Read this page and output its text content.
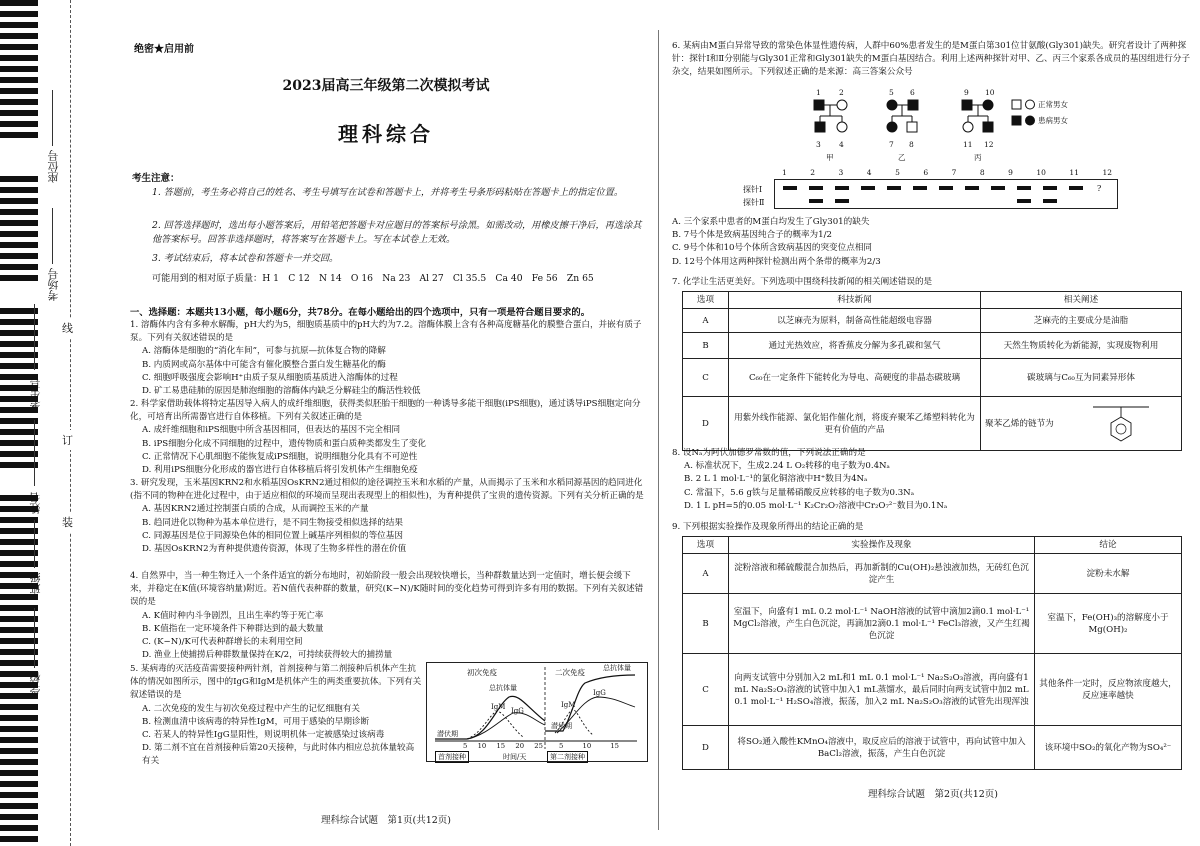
座位号
考场号
考生号
姓名
班级
学校
线
订
装
绝密★启用前
2023届高三年级第二次模拟考试
理科综合
考生注意：
1. 答题前，考生务必将自己的姓名、考生号填写在试卷和答题卡上，并将考生号条形码粘贴在答题卡上的指定位置。
2. 回答选择题时，选出每小题答案后，用铅笔把答题卡对应题目的答案标号涂黑。如需改动，用橡皮擦干净后，再选涂其他答案标号。回答非选择题时，将答案写在答题卡上。写在本试卷上无效。
3. 考试结束后，将本试卷和答题卡一并交回。
可能用到的相对原子质量：H 1　C 12　N 14　O 16　Na 23　Al 27　Cl 35.5　Ca 40　Fe 56　Zn 65
一、选择题：本题共13小题，每小题6分，共78分。在每小题给出的四个选项中，只有一项是符合题目要求的。

1. 溶酶体内含有多种水解酶，pH大约为5，细胞质基质中的pH大约为7.2。溶酶体膜上含有各种高度糖基化的膜整合蛋白，并嵌有质子泵。下列有关叙述错误的是

A. 溶酶体是细胞的“消化车间”，可参与抗原—抗体复合物的降解

B. 内质网或高尔基体中可能含有催化膜整合蛋白发生糖基化的酶

C. 细胞呼吸强度会影响H⁺由质子泵从细胞质基质进入溶酶体的过程

D. 矿工易患硅肺的原因是肺泡细胞的溶酶体内缺乏分解硅尘的酶活性较低

2. 科学家借助载体将特定基因导入病人的成纤维细胞，获得类似胚胎干细胞的一种诱导多能干细胞(iPS细胞)，通过诱导iPS细胞定向分化，可培育出所需器官进行自体移植。下列有关叙述正确的是

A. 成纤维细胞和iPS细胞中所含基因相同，但表达的基因不完全相同

B. iPS细胞分化成不同细胞的过程中，遗传物质和蛋白质种类都发生了变化

C. 正常情况下心肌细胞不能恢复成iPS细胞，说明细胞分化具有不可逆性

D. 利用iPS细胞分化形成的器官进行自体移植后将引发机体产生细胞免疫

3. 研究发现，玉米基因KRN2和水稻基因OsKRN2通过相似的途径调控玉米和水稻的产量，从而揭示了玉米和水稻同源基因的趋同进化(指不同的物种在进化过程中，由于适应相似的环境而呈现出表现型上的相似性)，为育种提供了宝贵的遗传资源。下列有关分析正确的是

A. 基因KRN2通过控制蛋白质的合成，从而调控玉米的产量

B. 趋同进化以物种为基本单位进行，是不同生物接受相似选择的结果

C. 同源基因是位于同源染色体的相同位置上碱基序列相似的等位基因

D. 基因OsKRN2为育种提供遗传资源，体现了生物多样性的潜在价值

4. 自然界中，当一种生物迁入一个条件适宜的新分布地时，初始阶段一般会出现较快增长，当种群数量达到一定值时，增长便会缓下来，并稳定在K值(环境容纳量)附近。若N值代表种群的数量，研究(K−N)/K随时间的变化趋势可得到许多有用的数据。下列有关叙述错误的是

A. K值时种内斗争剧烈，且出生率约等于死亡率

B. K值指在一定环境条件下种群达到的最大数量

C. (K−N)/K可代表种群增长的未利用空间

D. 渔业上使捕捞后种群数量保持在K/2，可持续获得较大的捕捞量

5. 某病毒的灭活疫苗需要接种两针剂，首剂接种与第二剂接种后机体产生抗体的情况如图所示，图中的IgG和IgM是机体产生的两类重要抗体。下列有关叙述错误的是

A. 二次免疫的发生与初次免疫过程中产生的记忆细胞有关

B. 检测血清中该病毒的特异性IgM，可用于感染的早期诊断

C. 若某人的特异性IgG显阳性，则说明机体一定被感染过该病毒

D. 第二剂不宜在首剂接种后第20天接种，与此时体内相应总抗体量较高有关

初次免疫	二次免疫
总抗体量
总抗体量
IgM IgG
IgM
IgG
潜伏期
潜伏期
5 10 15 20 25 5	10	15
首剂接种	时间/天	第二剂接种
理科综合试题　第1页(共12页)
6. 某病由M蛋白异常导致的常染色体显性遗传病，人群中60%患者发生的是M蛋白第301位甘氨酸(Gly301)缺失。研究者设计了两种探针：探针Ⅰ和Ⅱ分别能与Gly301正常和Gly301缺失的M蛋白基因结合。利用上述两种探针对甲、乙、丙三个家系各成员的基因组进行分子杂交，结果如图所示。下列叙述正确的是来源：高三答案公众号
正常男女
患病男女
3 4	7 8	11 12
1 2	5 6	9 10
甲	乙	丙
1	2	3	4	5	6	7	8	9	10	11	12
探针Ⅰ
探针Ⅱ
?

A. 三个家系中患者的M蛋白均发生了Gly301的缺失

B. 7号个体是致病基因纯合子的概率为1/2

C. 9号个体和10号个体所含致病基因的突变位点相同

D. 12号个体用这两种探针检测出两个条带的概率为2/3

7. 化学让生活更美好。下列选项中围绕科技新闻的相关阐述错误的是
选项	科技新闻	相关阐述
A	以芝麻壳为原料，制备高性能超级电容器	芝麻壳的主要成分是油脂
B	通过光热效应，将香蕉皮分解为多孔碳和氢气	天然生物质转化为新能源，实现废物利用
C	C₆₀在一定条件下能转化为导电、高硬度的非晶态碳玻璃	碳玻璃与C₆₀互为同素异形体
D	用紫外线作能源、氯化铝作催化剂，将废弃聚苯乙烯塑料转化为更有价值的产品	聚苯乙烯的链节为

8. 设Nₐ为阿伏加德罗常数的值，下列说法正确的是

A. 标准状况下，生成2.24 L O₂转移的电子数为0.4Nₐ

B. 2 L 1 mol·L⁻¹的氯化铜溶液中H⁺数目为4Nₐ

C. 常温下，5.6 g铁与足量稀硝酸反应转移的电子数为0.3Nₐ

D. 1 L pH=5的0.05 mol·L⁻¹ K₂Cr₂O₇溶液中Cr₂O₇²⁻数目为0.1Nₐ

9. 下列根据实验操作及现象所得出的结论正确的是
选项	实验操作及现象	结论
A	淀粉溶液和稀硫酸混合加热后，再加新制的Cu(OH)₂悬浊液加热，无砖红色沉淀产生	淀粉未水解
B	室温下，向盛有1 mL 0.2 mol·L⁻¹ NaOH溶液的试管中滴加2滴0.1 mol·L⁻¹ MgCl₂溶液，产生白色沉淀，再滴加2滴0.1 mol·L⁻¹ FeCl₃溶液，又产生红褐色沉淀	室温下，Fe(OH)₃的溶解度小于Mg(OH)₂
C	向两支试管中分别加入2 mL和1 mL 0.1 mol·L⁻¹ Na₂S₂O₃溶液，再向盛有1 mL Na₂S₂O₃溶液的试管中加入1 mL蒸馏水，最后同时向两支试管中加2 mL 0.1 mol·L⁻¹ H₂SO₄溶液，振荡，加入2 mL Na₂S₂O₃溶液的试管先出现浑浊	其他条件一定时，反应物浓度越大，反应速率越快
D	将SO₂通入酸性KMnO₄溶液中，取反应后的溶液于试管中，再向试管中加入BaCl₂溶液，振荡，产生白色沉淀	该环境中SO₂的氧化产物为SO₄²⁻
理科综合试题　第2页(共12页)
